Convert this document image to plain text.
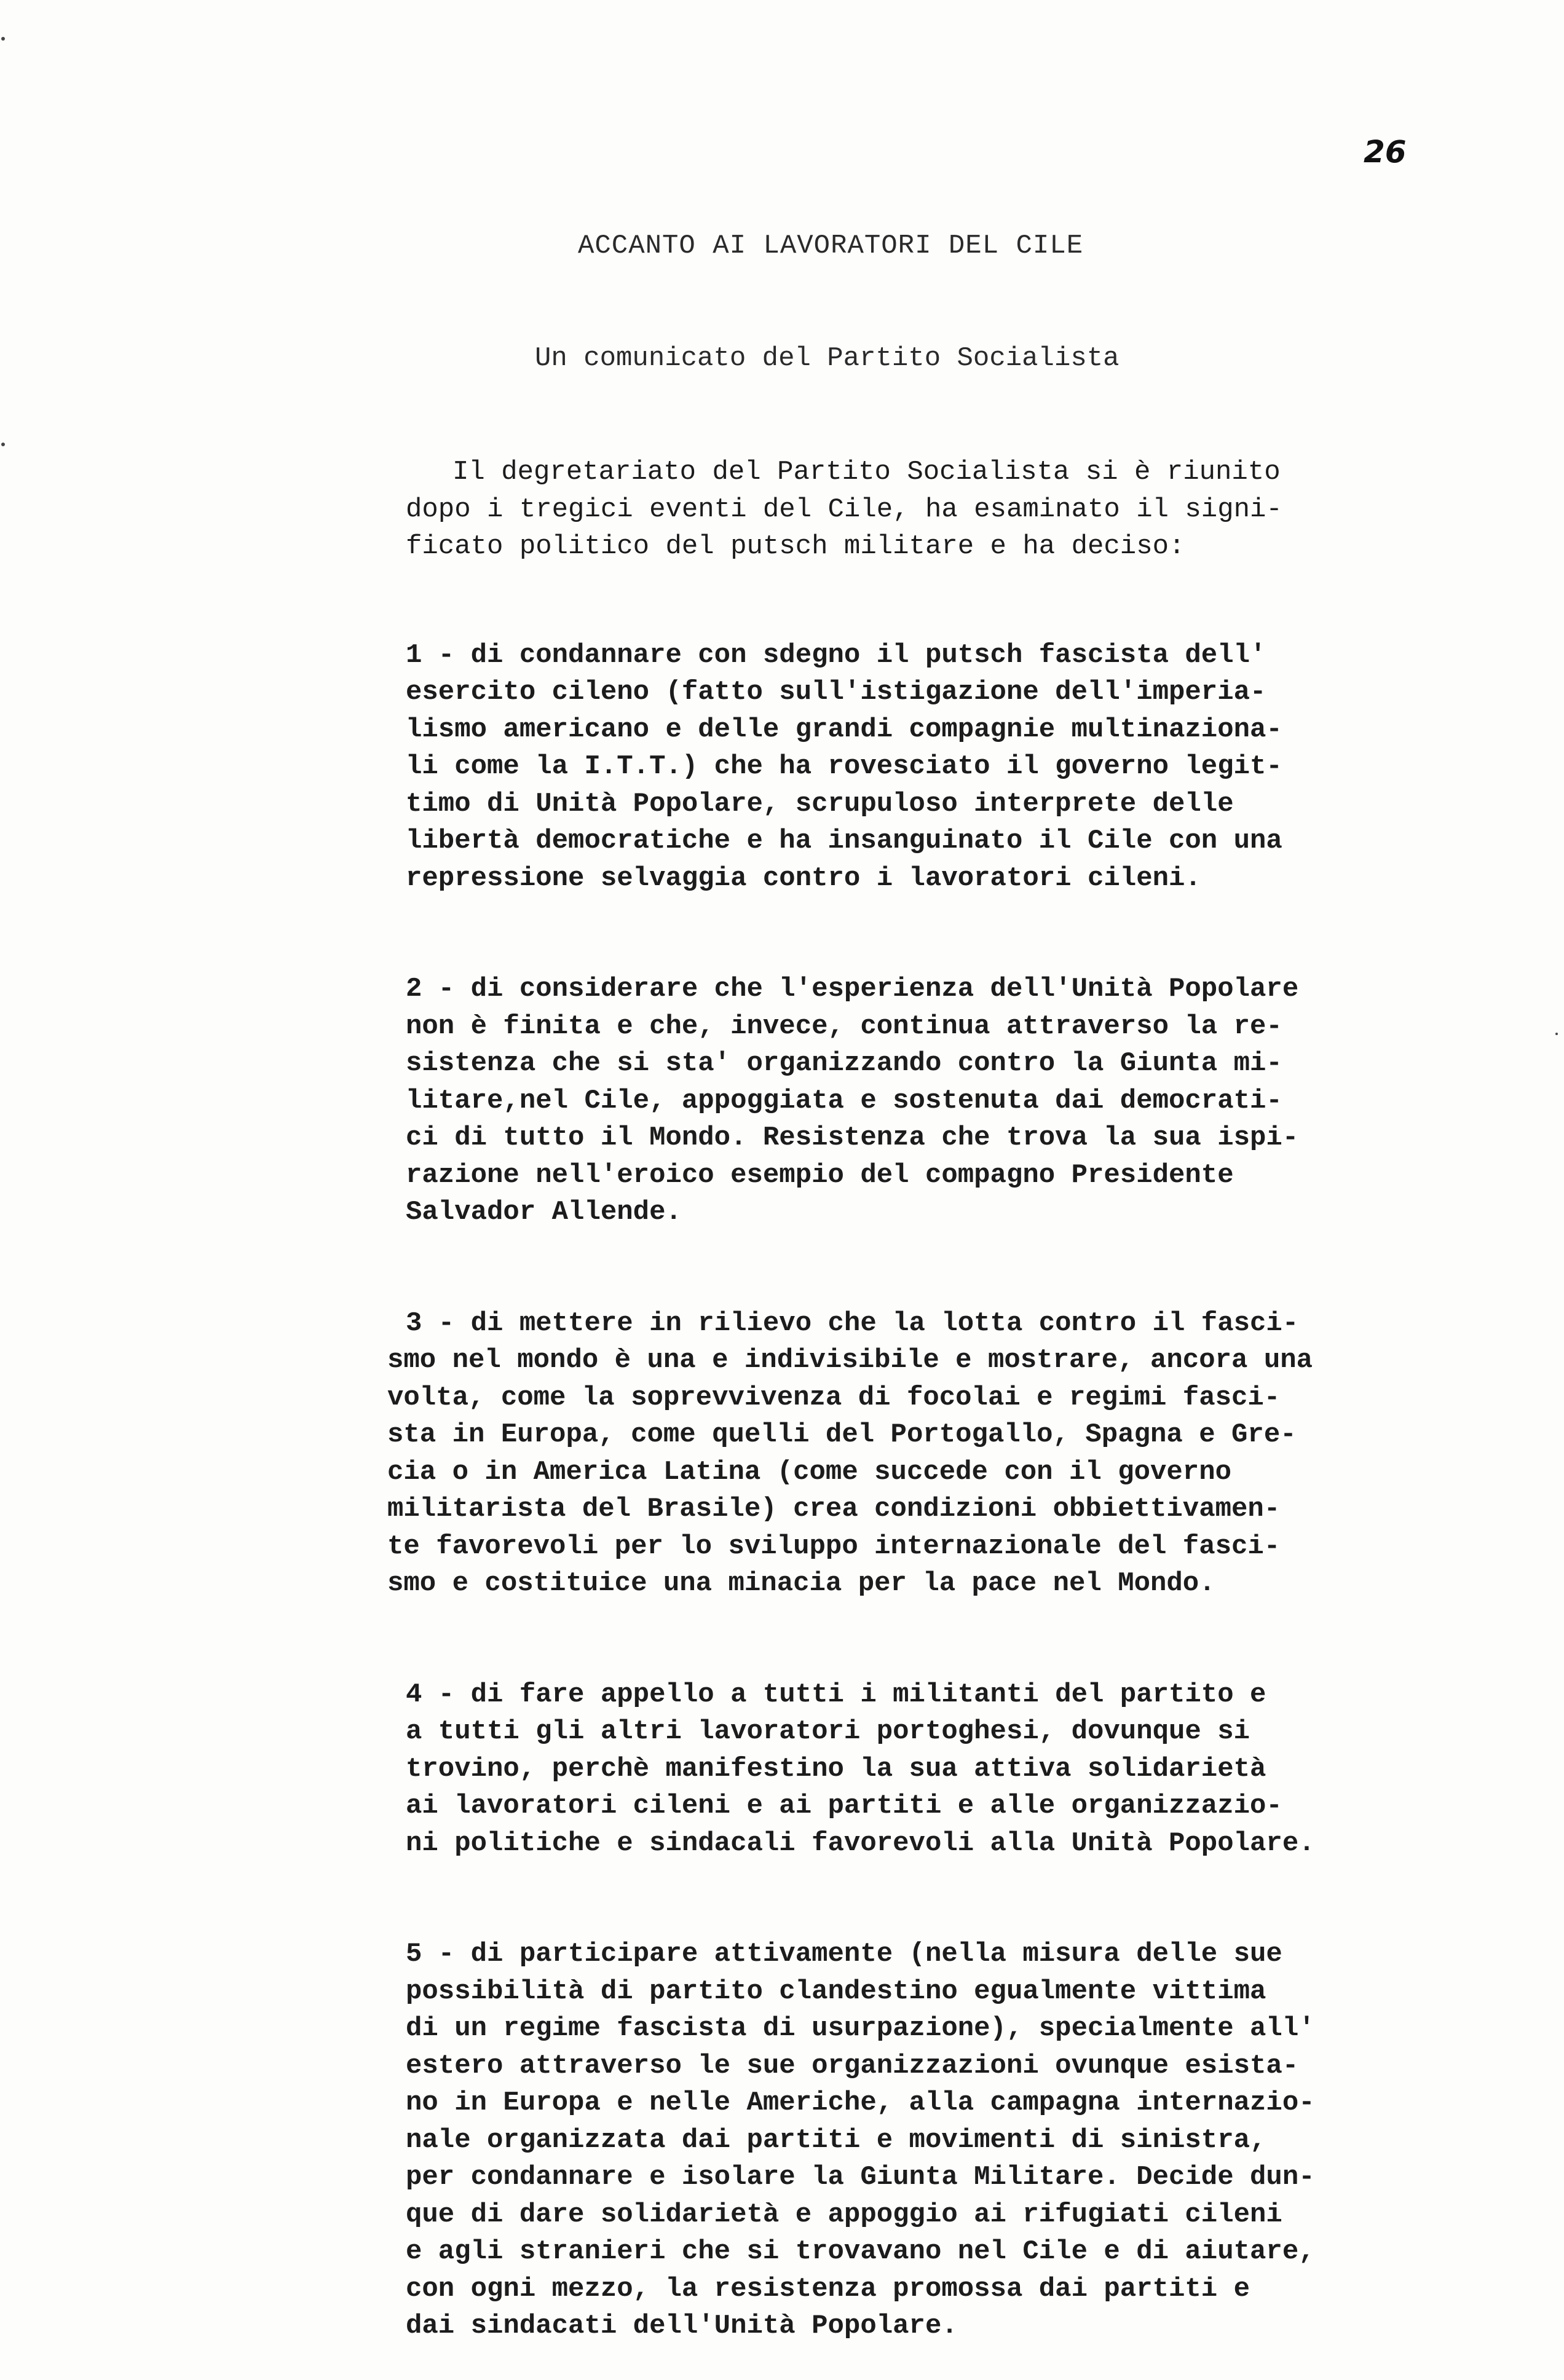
26
ACCANTO AI LAVORATORI DEL CILE
Un comunicato del Partito Socialista

Il degretariato del Partito Socialista si è riunito
dopo i tregici eventi del Cile, ha esaminato il signi-
ficato politico del putsch militare e ha deciso:

1 - di condannare con sdegno il putsch fascista dell'
esercito cileno (fatto sull'istigazione dell'imperia-
lismo americano e delle grandi compagnie multinaziona-
li come la I.T.T.) che ha rovesciato il governo legit-
timo di Unità Popolare, scrupuloso interprete delle
libertà democratiche e ha insanguinato il Cile con una
repressione selvaggia contro i lavoratori cileni.
2 - di considerare che l'esperienza dell'Unità Popolare
non è finita e che, invece, continua attraverso la re-
sistenza che si sta' organizzando contro la Giunta mi-
litare,nel Cile, appoggiata e sostenuta dai democrati-
ci di tutto il Mondo. Resistenza che trova la sua ispi-
razione nell'eroico esempio del compagno Presidente
Salvador Allende.
3 - di mettere in rilievo che la lotta contro il fasci-
smo nel mondo è una e indivisibile e mostrare, ancora una
volta, come la soprevvivenza di focolai e regimi fasci-
sta in Europa, come quelli del Portogallo, Spagna e Gre-
cia o in America Latina (come succede con il governo
militarista del Brasile) crea condizioni obbiettivamen-
te favorevoli per lo sviluppo internazionale del fasci-
smo e costituice una minacia per la pace nel Mondo.
4 - di fare appello a tutti i militanti del partito e
a tutti gli altri lavoratori portoghesi, dovunque si
trovino, perchè manifestino la sua attiva solidarietà
ai lavoratori cileni e ai partiti e alle organizzazio-
ni politiche e sindacali favorevoli alla Unità Popolare.
5 - di participare attivamente (nella misura delle sue
possibilità di partito clandestino egualmente vittima
di un regime fascista di usurpazione), specialmente all'
estero attraverso le sue organizzazioni ovunque esista-
no in Europa e nelle Americhe, alla campagna internazio-
nale organizzata dai partiti e movimenti di sinistra,
per condannare e isolare la Giunta Militare. Decide dun-
que di dare solidarietà e appoggio ai rifugiati cileni
e agli stranieri che si trovavano nel Cile e di aiutare,
con ogni mezzo, la resistenza promossa dai partiti e
dai sindacati dell'Unità Popolare.
